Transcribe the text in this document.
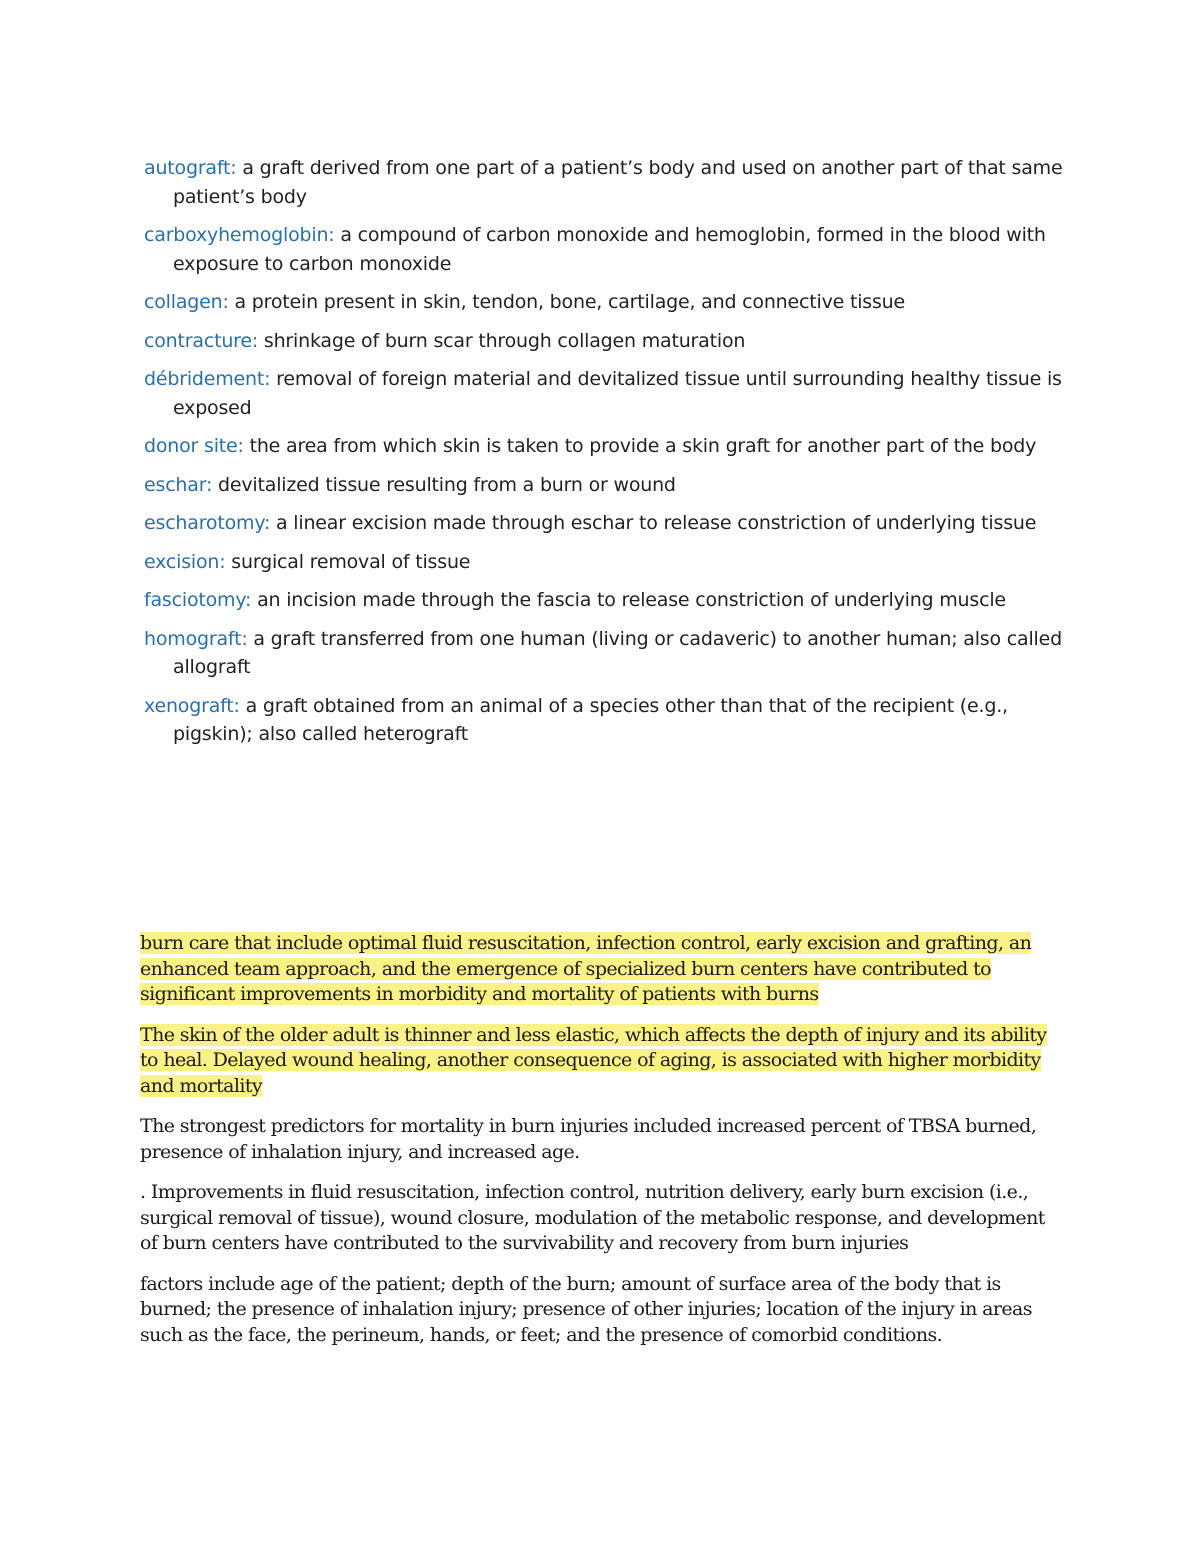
autograft: a graft derived from one part of a patient’s body and used on another part of that same patient’s body

carboxyhemoglobin: a compound of carbon monoxide and hemoglobin, formed in the blood with exposure to carbon monoxide

collagen: a protein present in skin, tendon, bone, cartilage, and connective tissue

contracture: shrinkage of burn scar through collagen maturation

débridement: removal of foreign material and devitalized tissue until surrounding healthy tissue is exposed

donor site: the area from which skin is taken to provide a skin graft for another part of the body

eschar: devitalized tissue resulting from a burn or wound

escharotomy: a linear excision made through eschar to release constriction of underlying tissue

excision: surgical removal of tissue

fasciotomy: an incision made through the fascia to release constriction of underlying muscle

homograft: a graft transferred from one human (living or cadaveric) to another human; also called allograft

xenograft: a graft obtained from an animal of a species other than that of the recipient (e.g., pigskin); also called heterograft

burn care that include optimal fluid resuscitation, infection control, early excision and grafting, an enhanced team approach, and the emergence of specialized burn centers have contributed to significant improvements in morbidity and mortality of patients with burns

The skin of the older adult is thinner and less elastic, which affects the depth of injury and its ability to heal. Delayed wound healing, another consequence of aging, is associated with higher morbidity and mortality

The strongest predictors for mortality in burn injuries included increased percent of TBSA burned, presence of inhalation injury, and increased age.

. Improvements in fluid resuscitation, infection control, nutrition delivery, early burn excision (i.e., surgical removal of tissue), wound closure, modulation of the metabolic response, and development of burn centers have contributed to the survivability and recovery from burn injuries

factors include age of the patient; depth of the burn; amount of surface area of the body that is burned; the presence of inhalation injury; presence of other injuries; location of the injury in areas such as the face, the perineum, hands, or feet; and the presence of comorbid conditions.
